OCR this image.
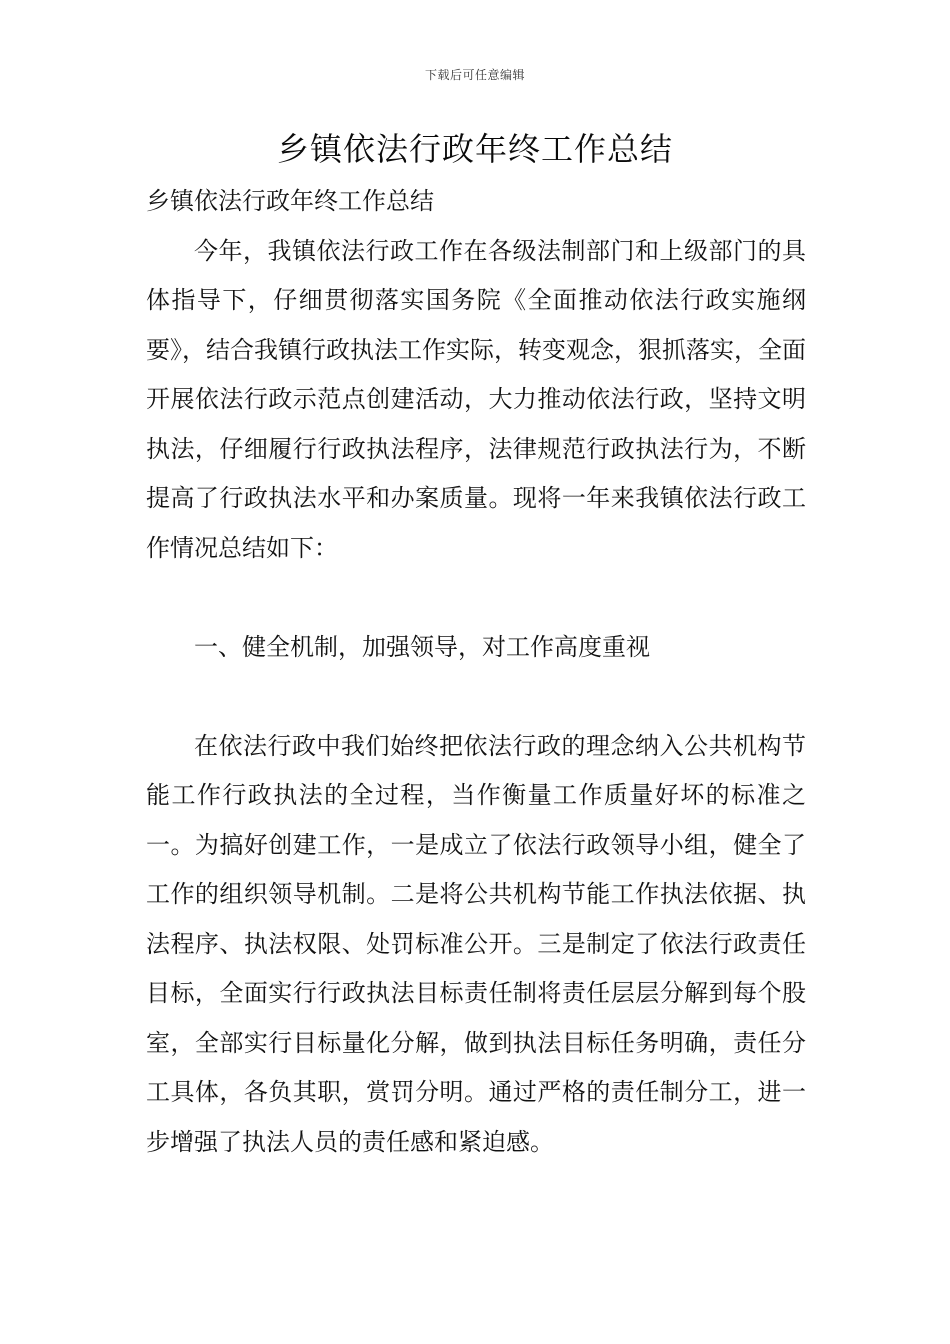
下载后可任意编辑
乡镇依法行政年终工作总结

乡镇依法行政年终工作总结

今年，我镇依法行政工作在各级法制部门和上级部门的具体指导下，仔细贯彻落实国务院《全面推动依法行政实施纲要》，结合我镇行政执法工作实际，转变观念，狠抓落实，全面开展依法行政示范点创建活动，大力推动依法行政，坚持文明执法，仔细履行行政执法程序，法律规范行政执法行为，不断提高了行政执法水平和办案质量。现将一年来我镇依法行政工作情况总结如下：

一、健全机制，加强领导，对工作高度重视

在依法行政中我们始终把依法行政的理念纳入公共机构节能工作行政执法的全过程，当作衡量工作质量好坏的标准之一。为搞好创建工作，一是成立了依法行政领导小组，健全了工作的组织领导机制。二是将公共机构节能工作执法依据、执法程序、执法权限、处罚标准公开。三是制定了依法行政责任目标，全面实行行政执法目标责任制将责任层层分解到每个股室，全部实行目标量化分解，做到执法目标任务明确，责任分工具体，各负其职，赏罚分明。通过严格的责任制分工，进一步增强了执法人员的责任感和紧迫感。
